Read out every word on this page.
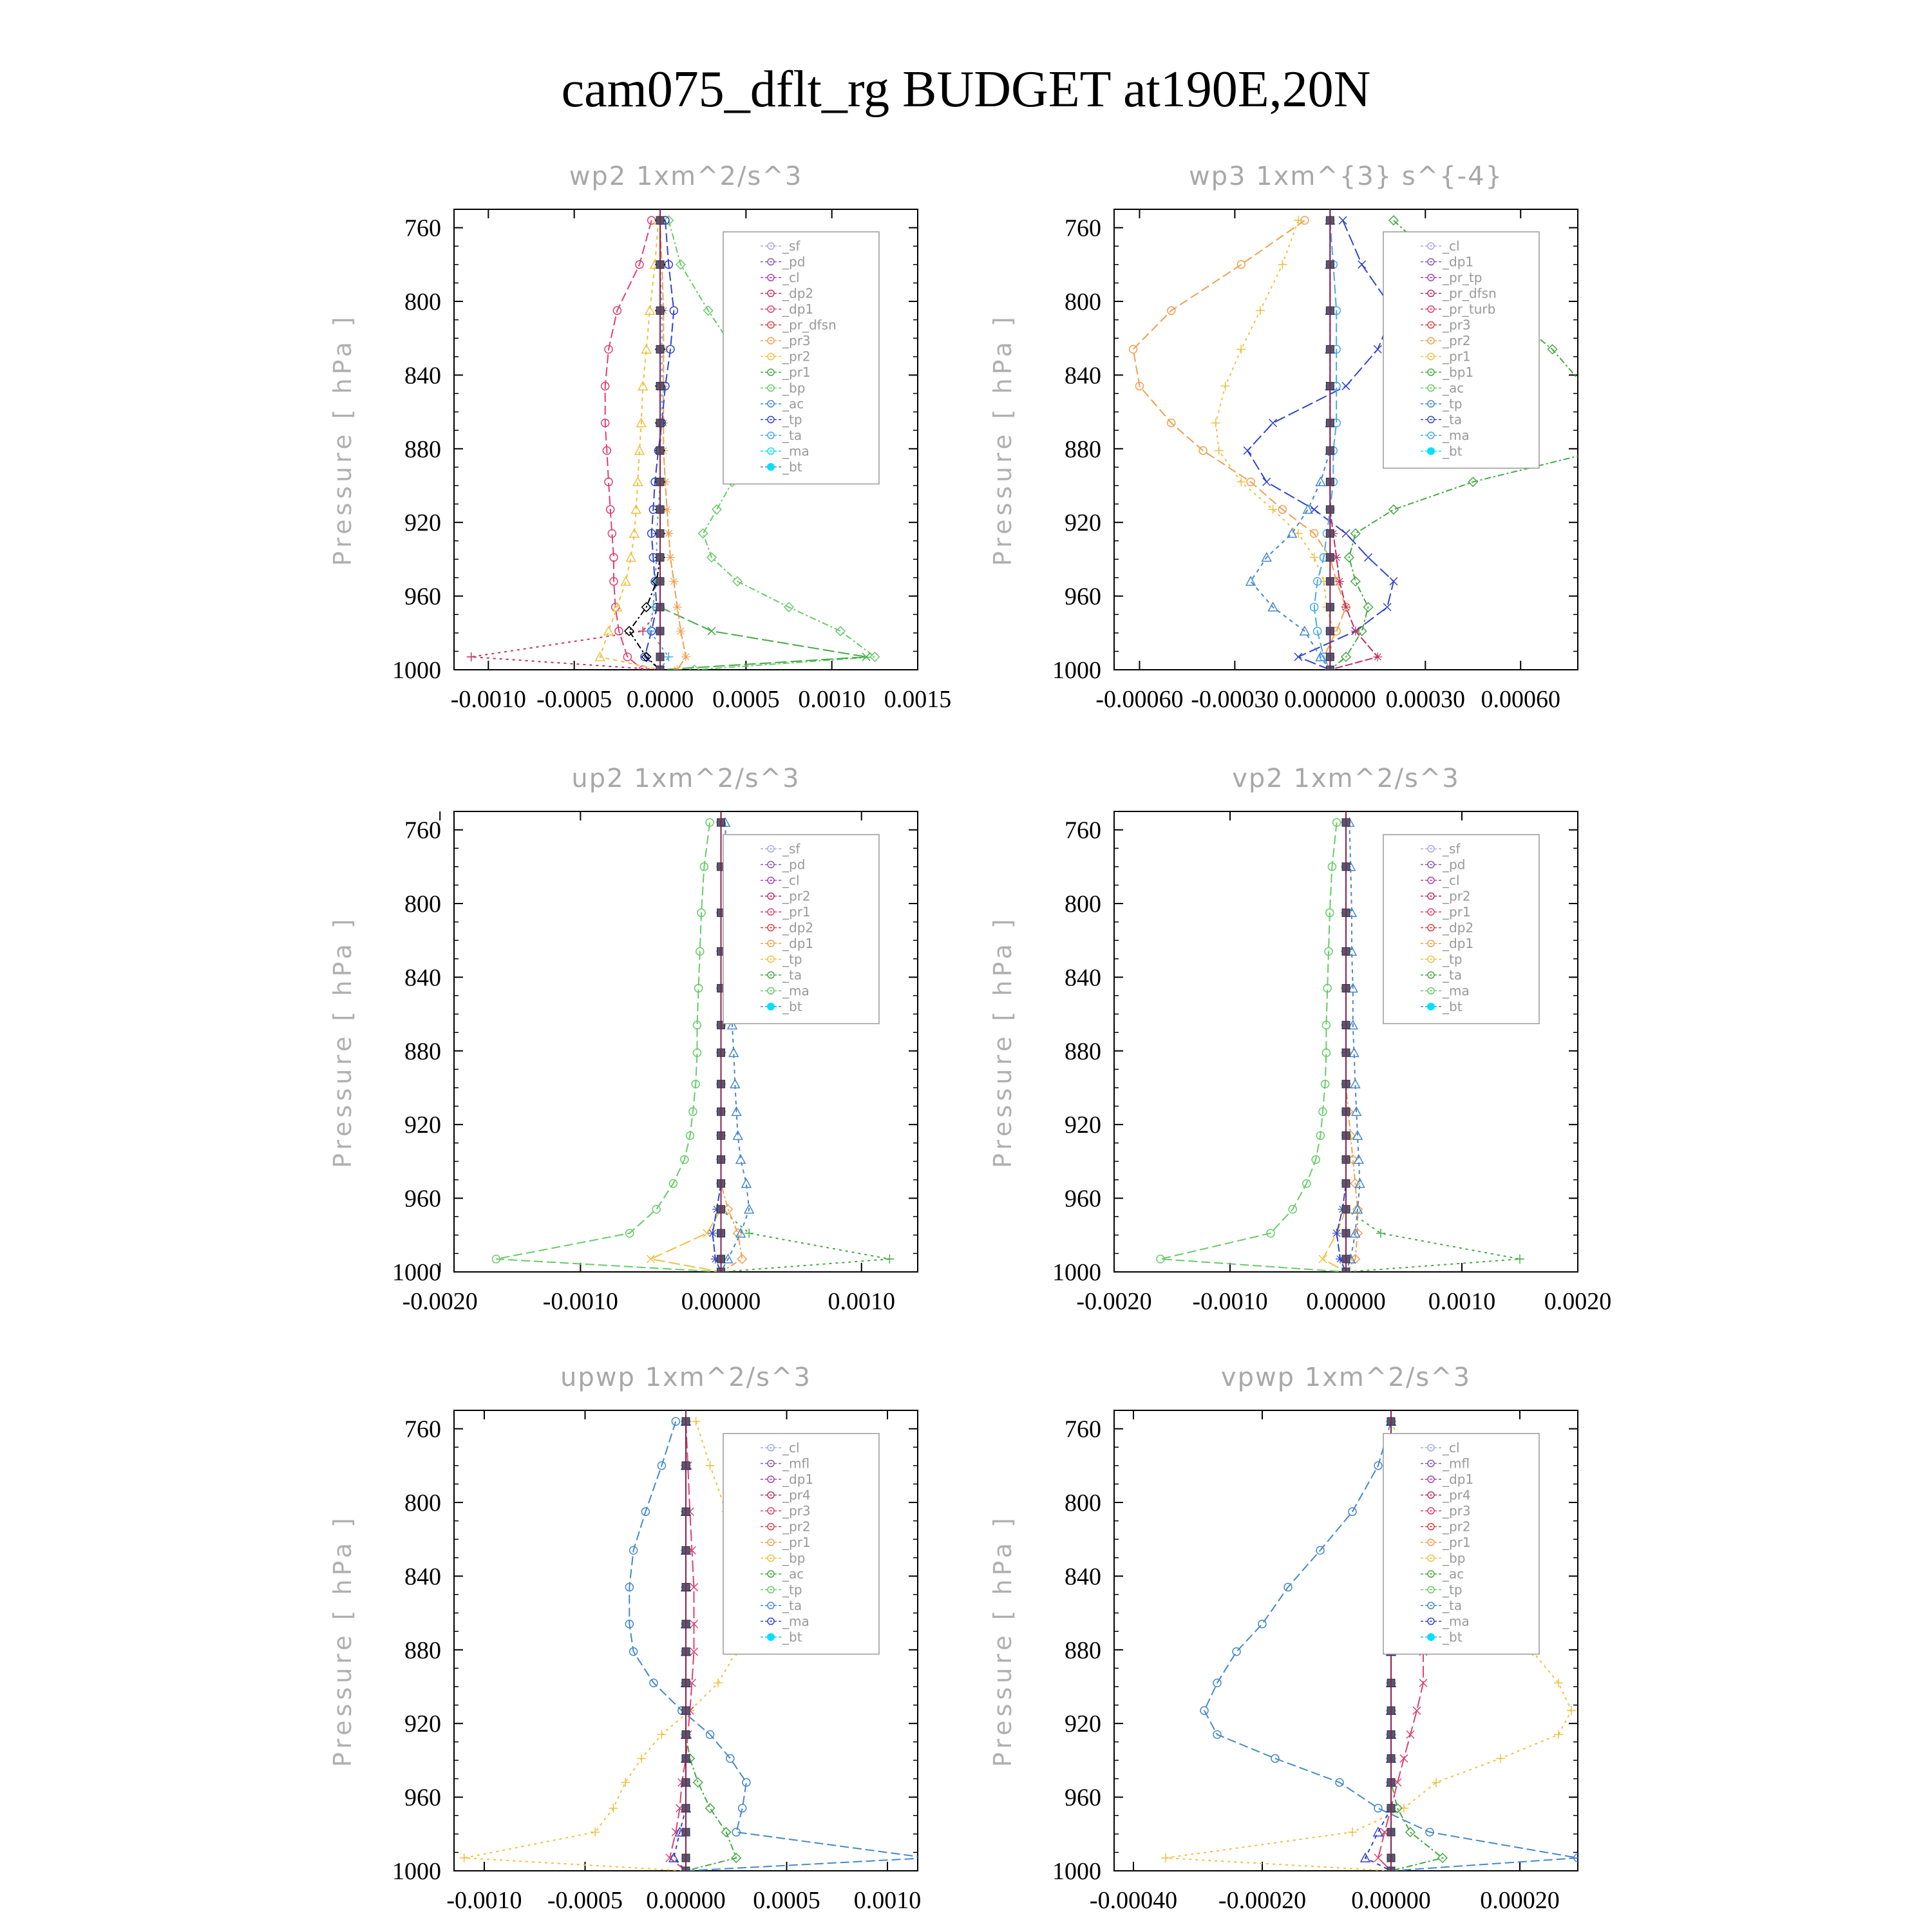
cam075_dflt_rg BUDGET at190E,20N
wp2 1xm^2/s^3
Pressure [ hPa ]
760
800
840
880
920
960
1000
-0.0010 -0.0005 0.0000 0.0005 0.0010 0.0015
_sf
_pd
_cl
_dp2
_dp1
_pr_dfsn
_pr3
_pr2
_pr1
_bp
_ac
_tp
_ta
_ma
_bt
wp3 1xm^{3} s^{-4}
Pressure [ hPa ]
760
800
840
880
920
960
1000
-0.00060 -0.00030 0.000000 0.00030 0.00060
_cl
_dp1
_pr_tp
_pr_dfsn
_pr_turb
_pr3
_pr2
_pr1
_bp1
_ac
_tp
_ta
_ma
_bt
up2 1xm^2/s^3
Pressure [ hPa ]
760
800
840
880
920
960
1000
-0.0020	-0.0010	0.00000	0.0010
_sf
_pd
_cl
_pr2
_pr1
_dp2
_dp1
_tp
_ta
_ma
_bt
vp2 1xm^2/s^3
Pressure [ hPa ]
760
800
840
880
920
960
1000
-0.0020 -0.0010 0.00000 0.0010 0.0020
_sf
_pd
_cl
_pr2
_pr1
_dp2
_dp1
_tp
_ta
_ma
_bt
upwp 1xm^2/s^3
Pressure [ hPa ]
760
800
840
880
920
960
1000
-0.0010 -0.0005 0.00000 0.0005 0.0010
_cl
_mfl
_dp1
_pr4
_pr3
_pr2
_pr1
_bp
_ac
_tp
_ta
_ma
_bt
vpwp 1xm^2/s^3
Pressure [ hPa ]
760
800
840
880
920
960
1000
-0.00040 -0.00020 0.00000 0.00020
_cl
_mfl
_dp1
_pr4
_pr3
_pr2
_pr1
_bp
_ac
_tp
_ta
_ma
_bt
